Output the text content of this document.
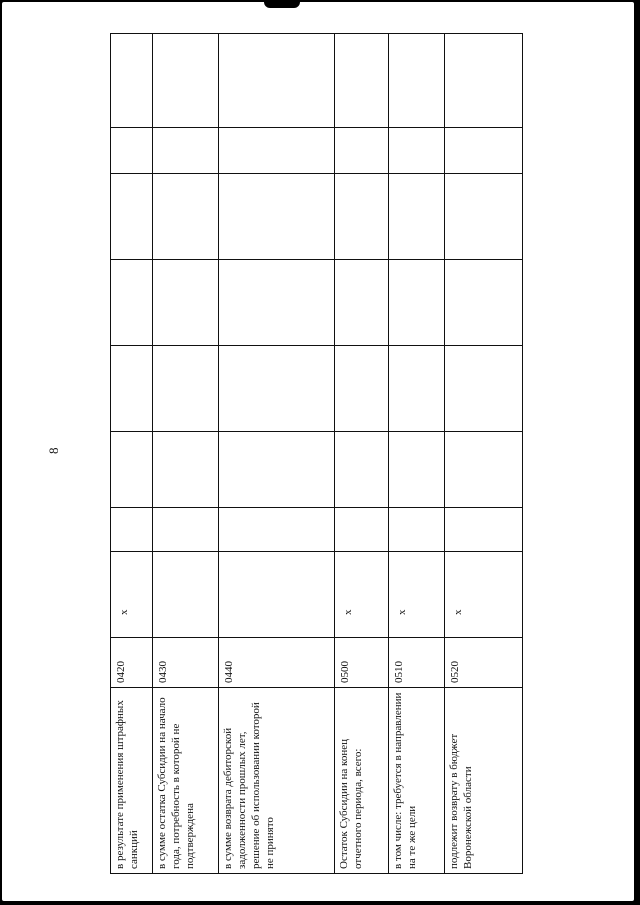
8
в результате применения штрафных санкций	0420	x							
в сумме остатка Субсидии на начало года, потребность в которой не подтверждена	0430								
в сумме возврата дебиторской задолженности прошлых лет, решение об использовании которой не принято	0440								
Остаток Субсидии на конец отчетного периода, всего:	0500	x							
в том числе: требуется в направлении на те же цели	0510	x							
подлежит возврату в бюджет Воронежской области	0520	x							
